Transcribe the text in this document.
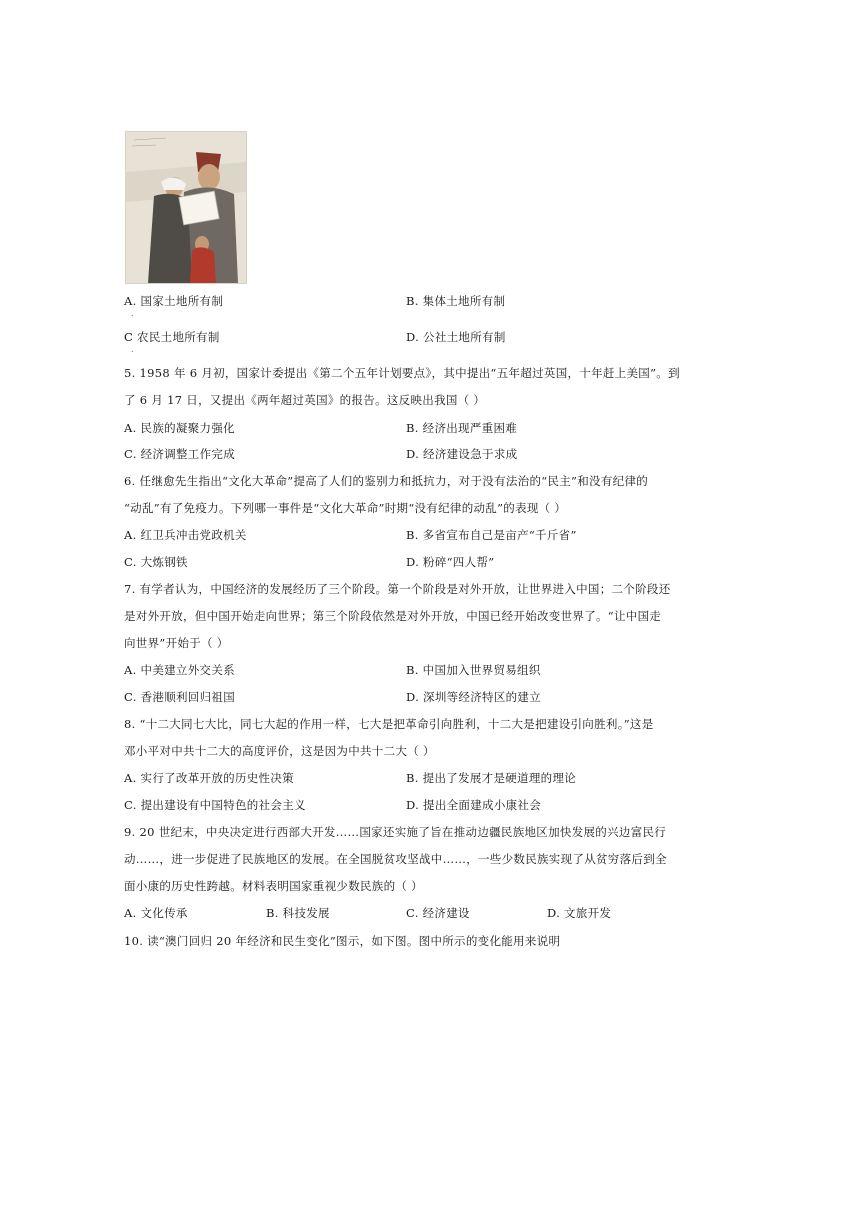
A. 国家土地所有制	B. 集体土地所有制
.
C 农民土地所有制	D. 公社土地所有制
.
5. 1958 年 6 月初，国家计委提出《第二个五年计划要点》，其中提出“五年超过英国，十年赶上美国”。到
了 6 月 17 日，又提出《两年超过英国》的报告。这反映出我国（ ）
A. 民族的凝聚力强化	B. 经济出现严重困难
C. 经济调整工作完成	D. 经济建设急于求成
6. 任继愈先生指出“文化大革命”提高了人们的鉴别力和抵抗力，对于没有法治的“民主”和没有纪律的
“动乱”有了免疫力。下列哪一事件是“文化大革命”时期“没有纪律的动乱”的表现（ ）
A. 红卫兵冲击党政机关	B. 多省宣布自己是亩产“千斤省”
C. 大炼钢铁	D. 粉碎“四人帮”
7. 有学者认为，中国经济的发展经历了三个阶段。第一个阶段是对外开放，让世界进入中国；二个阶段还
是对外开放，但中国开始走向世界；第三个阶段依然是对外开放，中国已经开始改变世界了。“让中国走
向世界”开始于（ ）
A. 中美建立外交关系	B. 中国加入世界贸易组织
C. 香港顺利回归祖国	D. 深圳等经济特区的建立
8. “十二大同七大比，同七大起的作用一样，七大是把革命引向胜利，十二大是把建设引向胜利。”这是
邓小平对中共十二大的高度评价，这是因为中共十二大（ ）
A. 实行了改革开放的历史性决策	B. 提出了发展才是硬道理的理论
C. 提出建设有中国特色的社会主义	D. 提出全面建成小康社会
9. 20 世纪末，中央决定进行西部大开发……国家还实施了旨在推动边疆民族地区加快发展的兴边富民行
动……，进一步促进了民族地区的发展。在全国脱贫攻坚战中……，一些少数民族实现了从贫穷落后到全
面小康的历史性跨越。材料表明国家重视少数民族的（ ）
A. 文化传承	B. 科技发展	C. 经济建设	D. 文旅开发
10. 读“澳门回归 20 年经济和民生变化”图示，如下图。图中所示的变化能用来说明
